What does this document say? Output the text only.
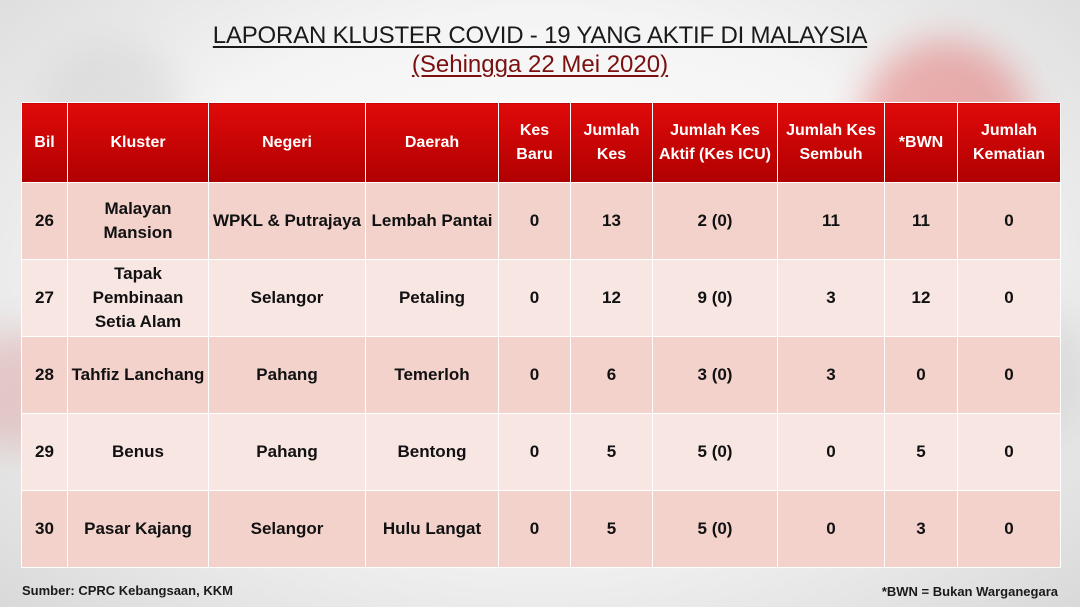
LAPORAN KLUSTER COVID - 19 YANG AKTIF DI MALAYSIA
(Sehingga 22 Mei 2020)
Bil	Kluster	Negeri	Daerah	Kes Baru	Jumlah Kes	Jumlah Kes Aktif (Kes ICU)	Jumlah Kes Sembuh	*BWN	Jumlah Kematian
26	Malayan Mansion	WPKL & Putrajaya	Lembah Pantai	0	13	2 (0)	11	11	0
27	Tapak Pembinaan Setia Alam	Selangor	Petaling	0	12	9 (0)	3	12	0
28	Tahfiz Lanchang	Pahang	Temerloh	0	6	3 (0)	3	0	0
29	Benus	Pahang	Bentong	0	5	5 (0)	0	5	0
30	Pasar Kajang	Selangor	Hulu Langat	0	5	5 (0)	0	3	0
Sumber: CPRC Kebangsaan, KKM	*BWN = Bukan Warganegara
